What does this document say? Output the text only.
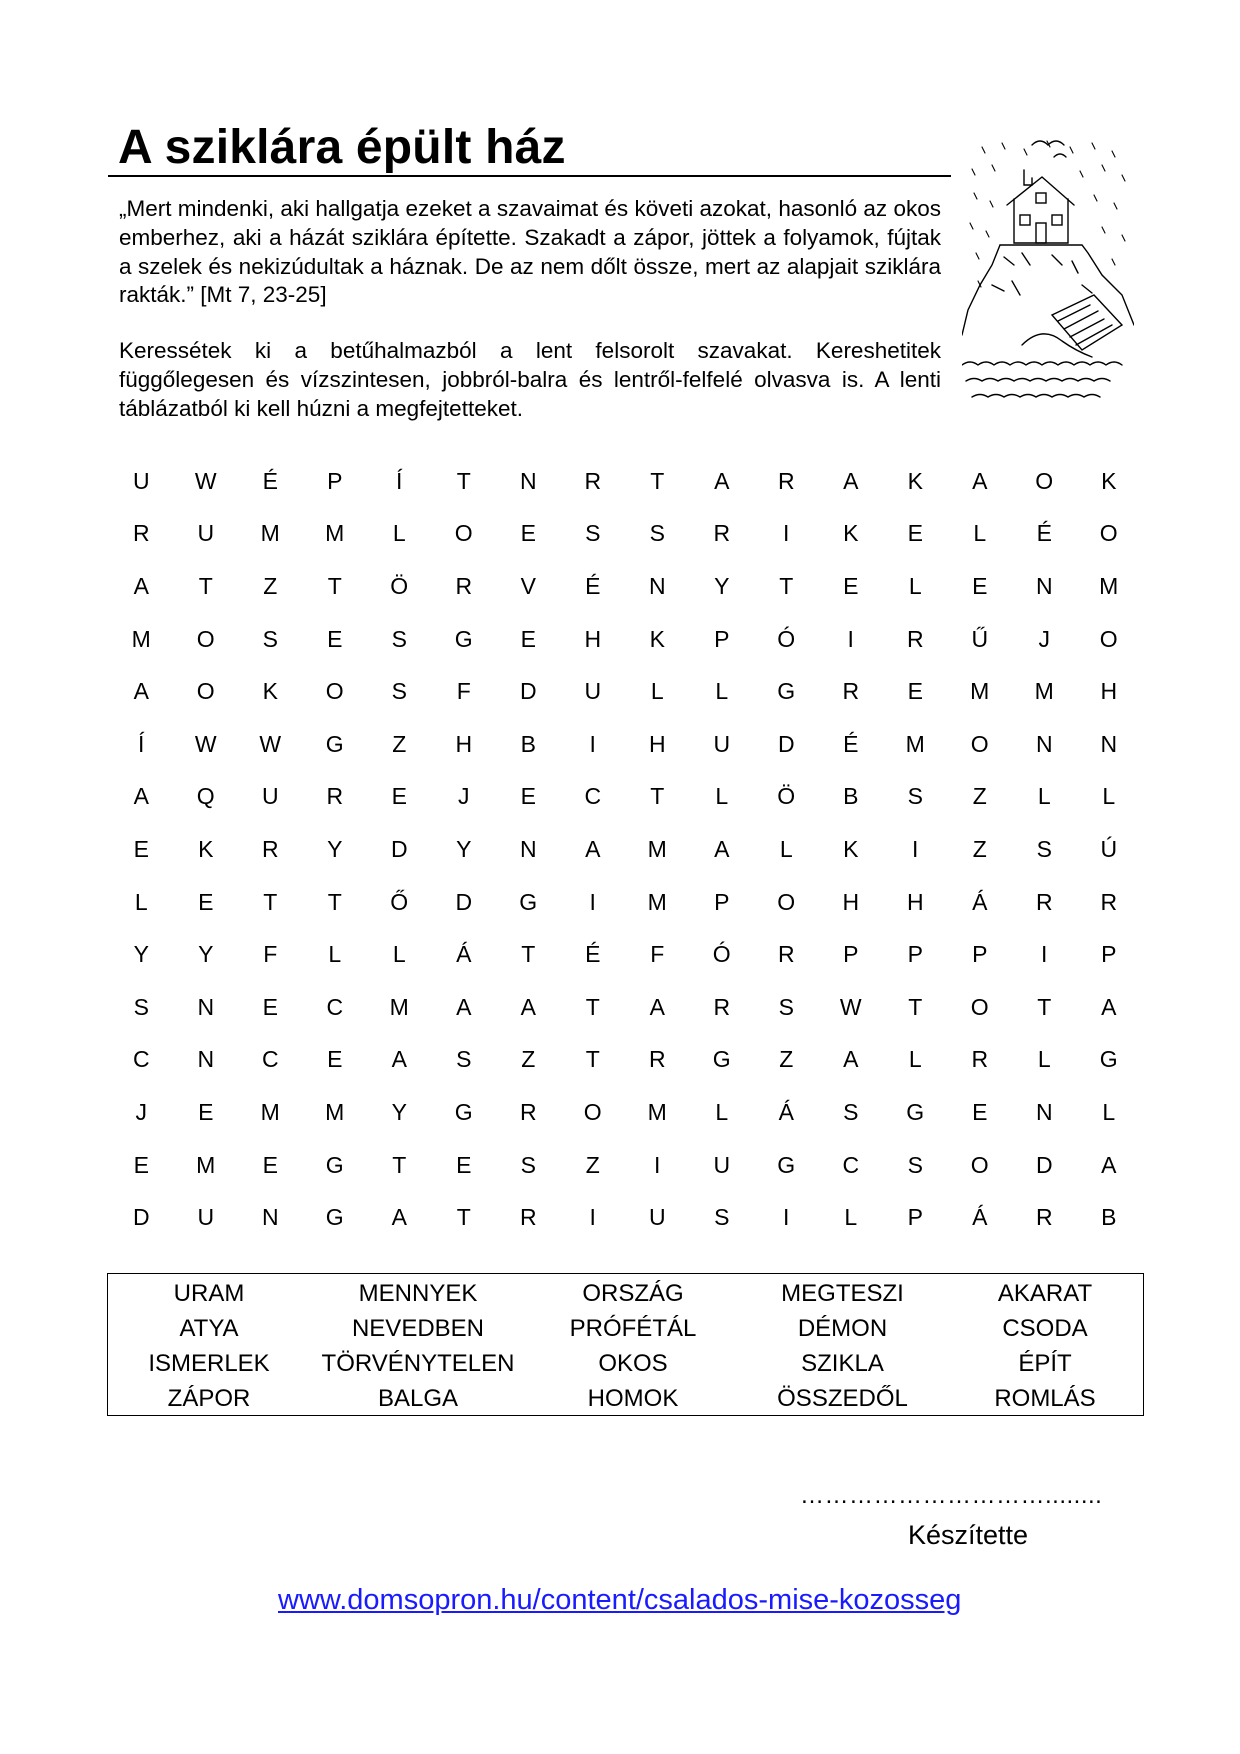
A sziklára épült ház

„Mert mindenki, aki hallgatja ezeket a szavaimat és követi azokat, hasonló az okos emberhez, aki a házát sziklára építette. Szakadt a zápor, jöttek a folyamok, fújtak a szelek és nekizúdultak a háznak. De az nem dőlt össze, mert az alapjait sziklára rakták.” [Mt 7, 23-25]

Keressétek ki a betűhalmazból a lent felsorolt szavakat. Kereshetitek függőlegesen és vízszintesen, jobbról-balra és lentről-felfelé olvasva is. A lenti táblázatból ki kell húzni a megfejtetteket.

U	W	É	P	Í	T	N	R	T	A	R	A	K	A	O	K
R	U	M	M	L	O	E	S	S	R	I	K	E	L	É	O
A	T	Z	T	Ö	R	V	É	N	Y	T	E	L	E	N	M
M	O	S	E	S	G	E	H	K	P	Ó	I	R	Ű	J	O
A	O	K	O	S	F	D	U	L	L	G	R	E	M	M	H
Í	W	W	G	Z	H	B	I	H	U	D	É	M	O	N	N
A	Q	U	R	E	J	E	C	T	L	Ö	B	S	Z	L	L
E	K	R	Y	D	Y	N	A	M	A	L	K	I	Z	S	Ú
L	E	T	T	Ő	D	G	I	M	P	O	H	H	Á	R	R
Y	Y	F	L	L	Á	T	É	F	Ó	R	P	P	P	I	P
S	N	E	C	M	A	A	T	A	R	S	W	T	O	T	A
C	N	C	E	A	S	Z	T	R	G	Z	A	L	R	L	G
J	E	M	M	Y	G	R	O	M	L	Á	S	G	E	N	L
E	M	E	G	T	E	S	Z	I	U	G	C	S	O	D	A
D	U	N	G	A	T	R	I	U	S	I	L	P	Á	R	B
URAM	MENNYEK	ORSZÁG	MEGTESZI	AKARAT
ATYA	NEVEDBEN	PRÓFÉTÁL	DÉMON	CSODA
ISMERLEK	TÖRVÉNYTELEN	OKOS	SZIKLA	ÉPÍT
ZÁPOR	BALGA	HOMOK	ÖSSZEDŐL	ROMLÁS
…………………………........
Készítette
www.domsopron.hu/content/csalados-mise-kozosseg
